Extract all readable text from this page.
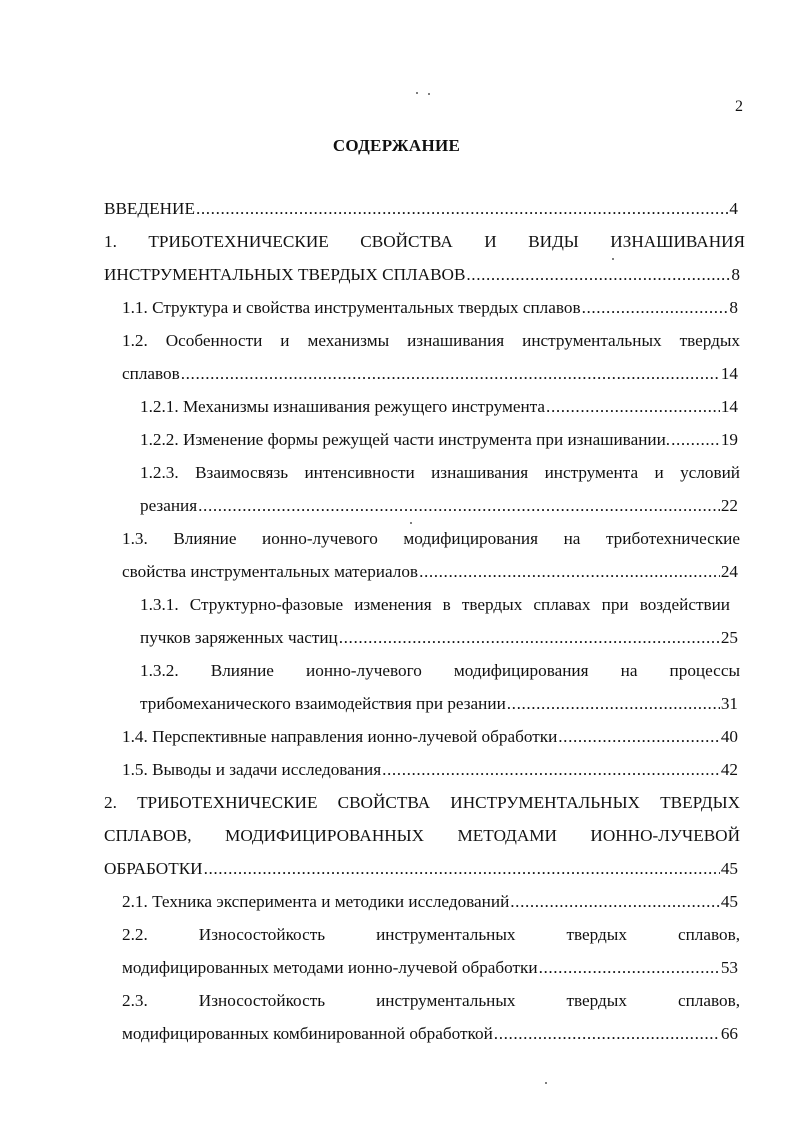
2
СОДЕРЖАНИЕ
ВВЕДЕНИЕ .....	4
1. ТРИБОТЕХНИЧЕСКИЕ СВОЙСТВА И ВИДЫ ИЗНАШИВАНИЯ
ИНСТРУМЕНТАЛЬНЫХ ТВЕРДЫХ СПЛАВОВ .....	8
1.1. Структура и свойства инструментальных твердых сплавов .....	8
1.2. Особенности и механизмы изнашивания инструментальных твердых
сплавов .....	14
1.2.1. Механизмы изнашивания режущего инструмента .....	14
1.2.2. Изменение формы режущей части инструмента при изнашивании. .....	19
1.2.3. Взаимосвязь интенсивности изнашивания инструмента и условий
резания .....	22
1.3. Влияние ионно-лучевого модифицирования на триботехнические
свойства инструментальных материалов .....	24
1.3.1. Структурно-фазовые изменения в твердых сплавах при воздействии
пучков заряженных частиц .....	25
1.3.2. Влияние ионно-лучевого модифицирования на процессы
трибомеханического взаимодействия при резании .....	31
1.4. Перспективные направления ионно-лучевой обработки .....	40
1.5. Выводы и задачи исследования .....	42
2. ТРИБОТЕХНИЧЕСКИЕ СВОЙСТВА ИНСТРУМЕНТАЛЬНЫХ ТВЕРДЫХ
СПЛАВОВ, МОДИФИЦИРОВАННЫХ МЕТОДАМИ ИОННО-ЛУЧЕВОЙ
ОБРАБОТКИ .....	45
2.1. Техника эксперимента и методики исследований .....	45
2.2. Износостойкость инструментальных твердых сплавов,
модифицированных методами ионно-лучевой обработки .....	53
2.3. Износостойкость инструментальных твердых сплавов,
модифицированных комбинированной обработкой .....	66
